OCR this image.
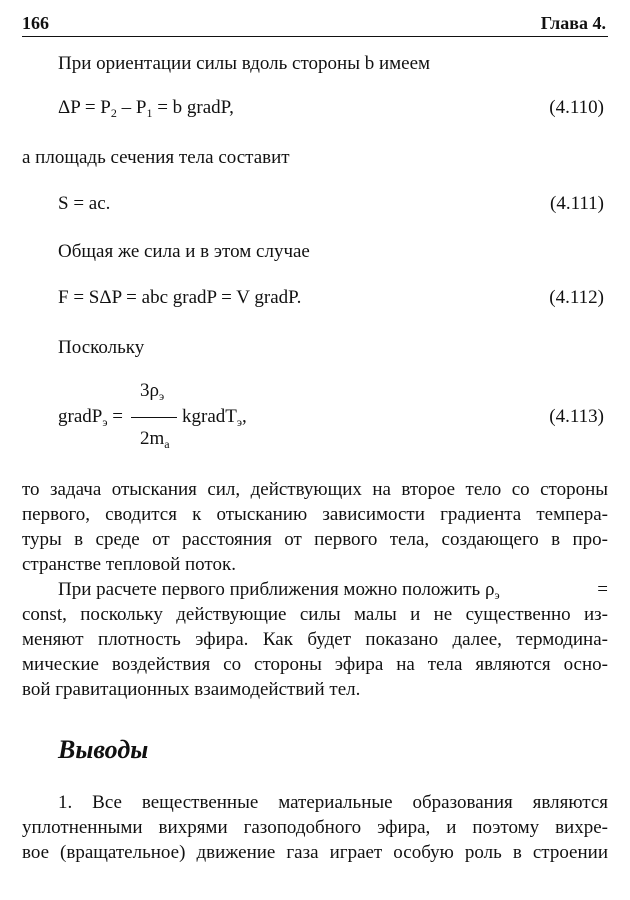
166	Глава 4.
При ориентации силы вдоль стороны b имеем
$\Delta P = P_2 - P_1 = b$ gradP,	(4.110)
а площадь сечения тела составит
S = ac.	(4.111)
Общая же сила и в этом случае
F = SΔP = abc gradP = V gradP.	(4.112)
Поскольку
$3\rho_э$
$2m_а$
gradP$_э$ =	kgradT$_э$,	(4.113)
то задача отыскания сил, действующих на второе тело со стороны
первого, сводится к отысканию зависимости градиента темпера-
туры в среде от расстояния от первого тела, создающего в про-
странстве тепловой поток.
При расчете первого приближения можно положить $\rho_э$	=
const, поскольку действующие силы малы и не существенно из-
меняют плотность эфира. Как будет показано далее, термодина-
мические воздействия со стороны эфира на тела являются осно-
вой гравитационных взаимодействий тел.
Выводы
1. Все вещественные материальные образования являются
уплотненными вихрями газоподобного эфира, и поэтому вихре-
вое (вращательное) движение газа играет особую роль в строении
